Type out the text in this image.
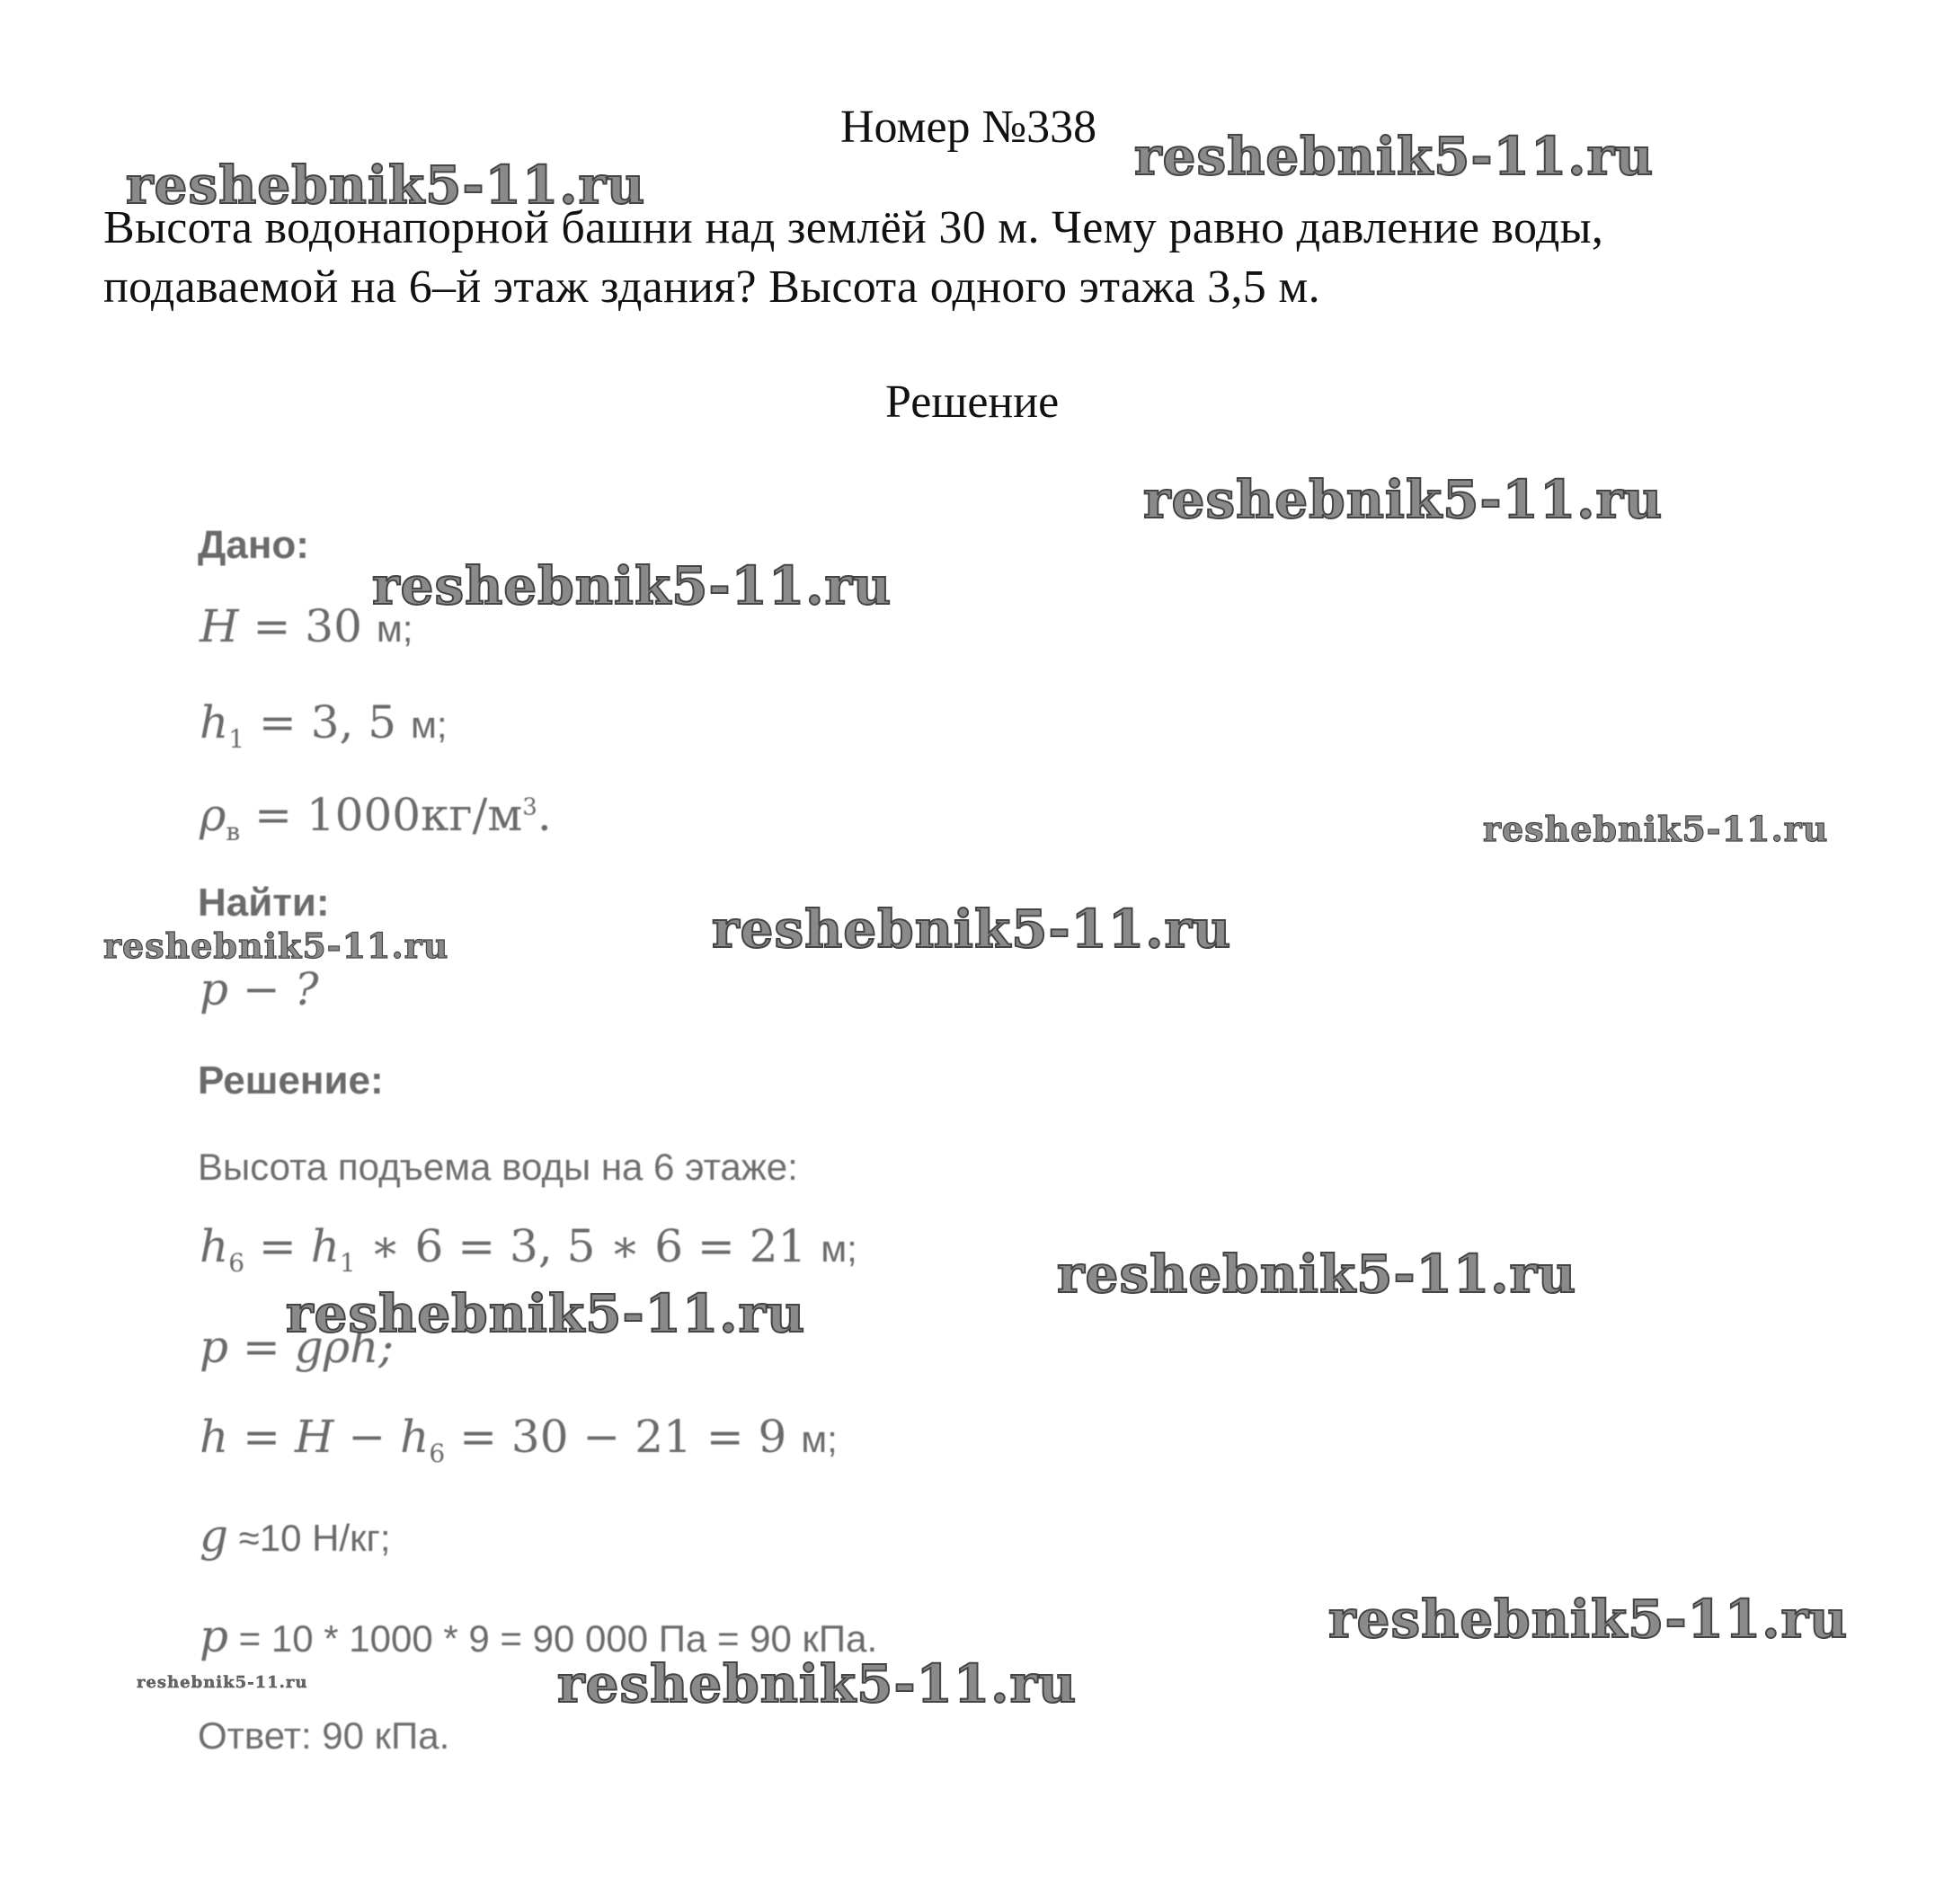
Номер №338
Высота водонапорной башни над землёй 30 м. Чему равно давление воды,
подаваемой на 6–й этаж здания? Высота одного этажа 3,5 м.
Решение
Дано:
H = 30 м;
$h_1 = 3$, 5 м;
$\rho_в = 1000кг/м^3$.
Найти:
p − ?
Решение:
Высота подъема воды на 6 этаже:
$h_6 = h_1$ ∗ 6 = 3, 5 ∗ 6 = 21 м;
p = gρh;
$h = H - h_6 = 30 - 21 = 9$ м;
g ≈10 Н/кг;
p = 10 * 1000 * 9 = 90 000 Па = 90 кПа.
Ответ: 90 кПа.
reshebnik5-11.ru
reshebnik5-11.ru
reshebnik5-11.ru
reshebnik5-11.ru
reshebnik5-11.ru
reshebnik5-11.ru
reshebnik5-11.ru
reshebnik5-11.ru
reshebnik5-11.ru
reshebnik5-11.ru
reshebnik5-11.ru
reshebnik5-11.ru
